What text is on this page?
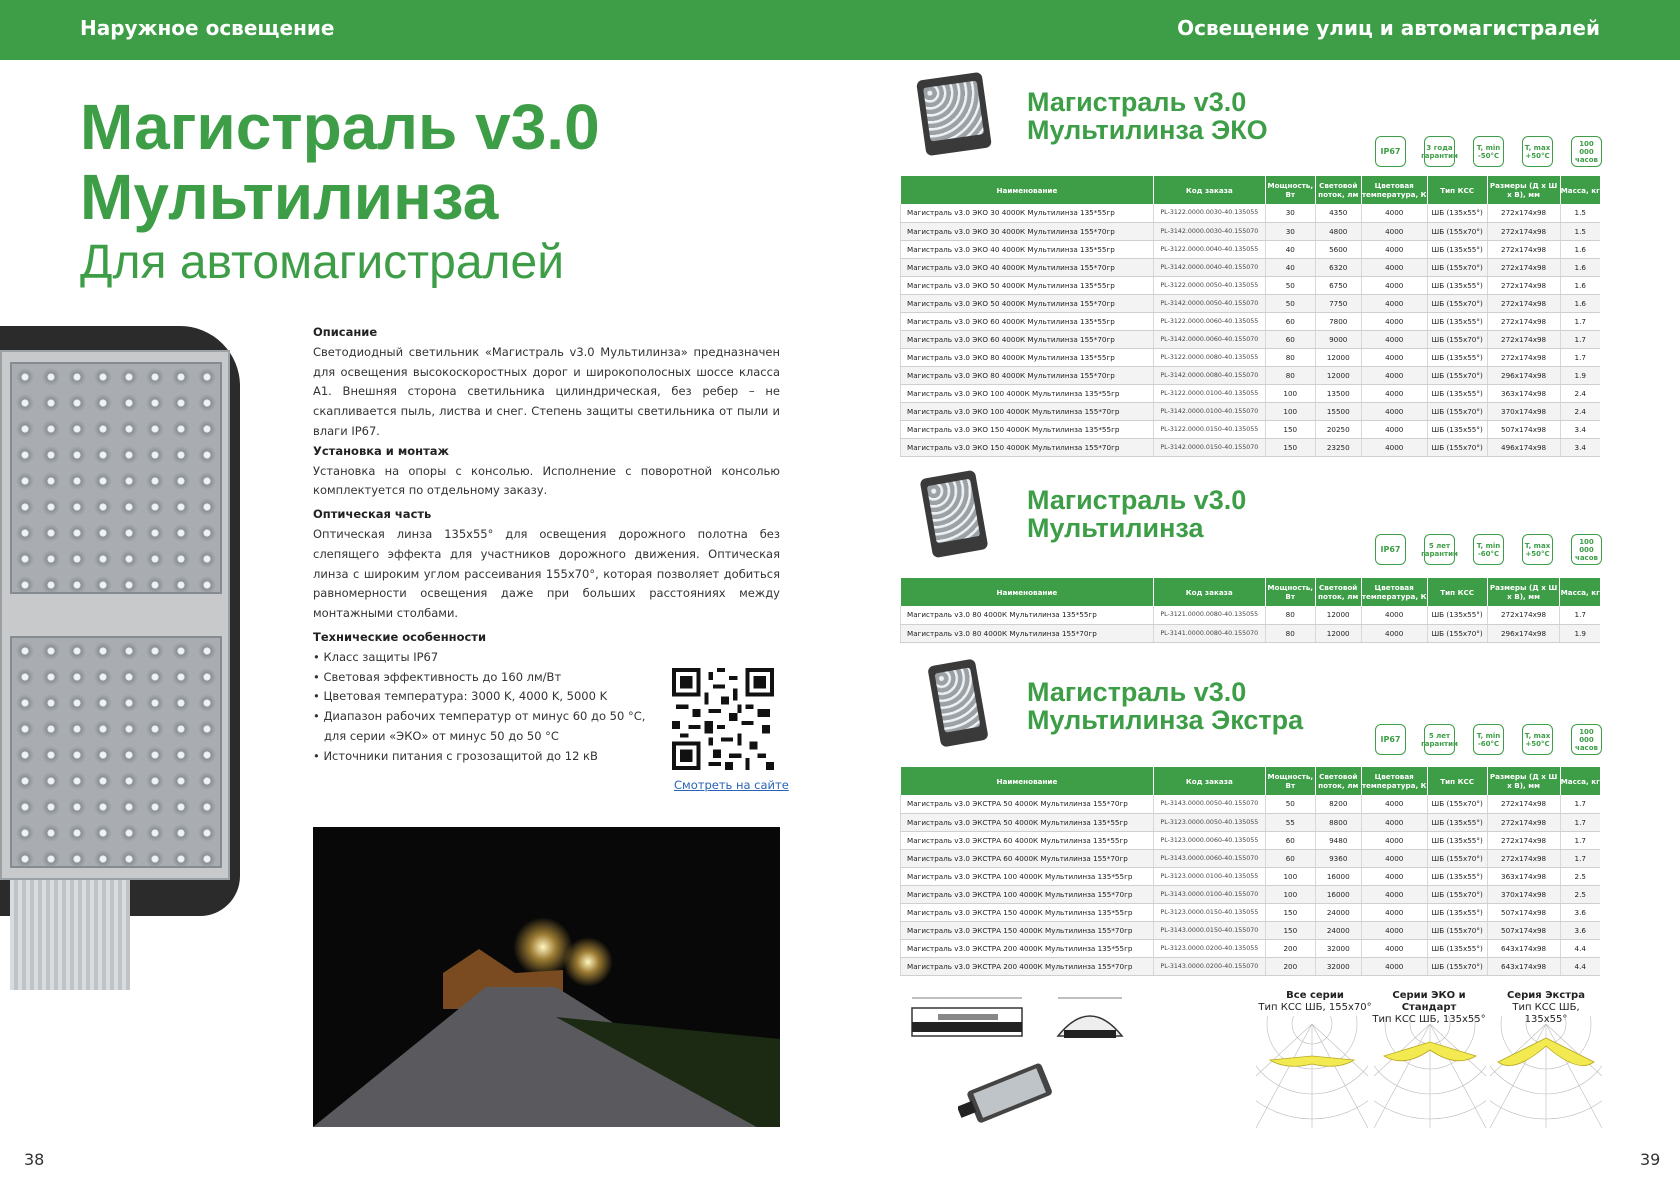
Наружное освещение	Освещение улиц и автомагистралей
Магистраль v3.0
Мультилинза
Для автомагистралей
Описание

Светодиодный светильник «Магистраль v3.0 Мультилинза» предназначен для освещения высокоскоростных дорог и широкополосных шоссе класса А1. Внешняя сторона светильника цилиндрическая, без ребер – не скапливается пыль, листва и снег. Степень защиты светильника от пыли и влаги IP67.

Установка и монтаж

Установка на опоры с консолью. Исполнение с поворотной консолью комплектуется по отдельному заказу.

Оптическая часть

Оптическая линза 135x55° для освещения дорожного полотна без слепящего эффекта для участников дорожного движения. Оптическая линза с широким углом рассеивания 155x70°, которая позволяет добиться равномерности освещения даже при больших расстояниях между монтажными столбами.

Технические особенности
• Класс защиты IP67
• Световая эффективность до 160 лм/Вт
• Цветовая температура: 3000 K, 4000 K, 5000 K
• Диапазон рабочих температур от минус 60 до 50 °С,
для серии «ЭКО» от минус 50 до 50 °С
• Источники питания с грозозащитой до 12 кВ
Смотреть на сайте
38	39
Магистраль v3.0
Мультилинза ЭКО
IP67	3 года гарантии
T, min -50°C
T, max +50°C
100 000 часов
Наименование	Код заказа	Мощность, Вт	Световой поток, лм	Цветовая температура, К	Тип КСС	Размеры (Д х Ш х В), мм	Масса, кг
Магистраль v3.0 ЭКО 30 4000К Мультилинза 135*55гр	PL-3122.0000.0030-40.135055	30	4350	4000	ШБ (135х55°)	272x174x98	1.5
Магистраль v3.0 ЭКО 30 4000К Мультилинза 155*70гр	PL-3142.0000.0030-40.155070	30	4800	4000	ШБ (155х70°)	272x174x98	1.5
Магистраль v3.0 ЭКО 40 4000К Мультилинза 135*55гр	PL-3122.0000.0040-40.135055	40	5600	4000	ШБ (135х55°)	272x174x98	1.6
Магистраль v3.0 ЭКО 40 4000К Мультилинза 155*70гр	PL-3142.0000.0040-40.155070	40	6320	4000	ШБ (155х70°)	272x174x98	1.6
Магистраль v3.0 ЭКО 50 4000К Мультилинза 135*55гр	PL-3122.0000.0050-40.135055	50	6750	4000	ШБ (135х55°)	272x174x98	1.6
Магистраль v3.0 ЭКО 50 4000К Мультилинза 155*70гр	PL-3142.0000.0050-40.155070	50	7750	4000	ШБ (155х70°)	272x174x98	1.6
Магистраль v3.0 ЭКО 60 4000К Мультилинза 135*55гр	PL-3122.0000.0060-40.135055	60	7800	4000	ШБ (135х55°)	272x174x98	1.7
Магистраль v3.0 ЭКО 60 4000К Мультилинза 155*70гр	PL-3142.0000.0060-40.155070	60	9000	4000	ШБ (155х70°)	272x174x98	1.7
Магистраль v3.0 ЭКО 80 4000К Мультилинза 135*55гр	PL-3122.0000.0080-40.135055	80	12000	4000	ШБ (135х55°)	272x174x98	1.7
Магистраль v3.0 ЭКО 80 4000К Мультилинза 155*70гр	PL-3142.0000.0080-40.155070	80	12000	4000	ШБ (155х70°)	296x174x98	1.9
Магистраль v3.0 ЭКО 100 4000К Мультилинза 135*55гр	PL-3122.0000.0100-40.135055	100	13500	4000	ШБ (135х55°)	363x174x98	2.4
Магистраль v3.0 ЭКО 100 4000К Мультилинза 155*70гр	PL-3142.0000.0100-40.155070	100	15500	4000	ШБ (155х70°)	370x174x98	2.4
Магистраль v3.0 ЭКО 150 4000К Мультилинза 135*55гр	PL-3122.0000.0150-40.135055	150	20250	4000	ШБ (135х55°)	507x174x98	3.4
Магистраль v3.0 ЭКО 150 4000К Мультилинза 155*70гр	PL-3142.0000.0150-40.155070	150	23250	4000	ШБ (155х70°)	496x174x98	3.4
Магистраль v3.0
Мультилинза
IP67	5 лет гарантии
T, min -60°C
T, max +50°C
100 000 часов
Наименование	Код заказа	Мощность, Вт	Световой поток, лм	Цветовая температура, К	Тип КСС	Размеры (Д х Ш х В), мм	Масса, кг
Магистраль v3.0 80 4000К Мультилинза 135*55гр	PL-3121.0000.0080-40.135055	80	12000	4000	ШБ (135х55°)	272x174x98	1.7
Магистраль v3.0 80 4000К Мультилинза 155*70гр	PL-3141.0000.0080-40.155070	80	12000	4000	ШБ (155х70°)	296x174x98	1.9
Магистраль v3.0
Мультилинза Экстра
IP67	5 лет гарантии
T, min -60°C
T, max +50°C
100 000 часов
Наименование	Код заказа	Мощность, Вт	Световой поток, лм	Цветовая температура, К	Тип КСС	Размеры (Д х Ш х В), мм	Масса, кг
Магистраль v3.0 ЭКСТРА 50 4000К Мультилинза 155*70гр	PL-3143.0000.0050-40.155070	50	8200	4000	ШБ (155х70°)	272x174x98	1.7
Магистраль v3.0 ЭКСТРА 50 4000К Мультилинза 135*55гр	PL-3123.0000.0050-40.135055	55	8800	4000	ШБ (135х55°)	272x174x98	1.7
Магистраль v3.0 ЭКСТРА 60 4000К Мультилинза 135*55гр	PL-3123.0000.0060-40.135055	60	9480	4000	ШБ (135х55°)	272x174x98	1.7
Магистраль v3.0 ЭКСТРА 60 4000К Мультилинза 155*70гр	PL-3143.0000.0060-40.155070	60	9360	4000	ШБ (155х70°)	272x174x98	1.7
Магистраль v3.0 ЭКСТРА 100 4000К Мультилинза 135*55гр	PL-3123.0000.0100-40.135055	100	16000	4000	ШБ (135х55°)	363x174x98	2.5
Магистраль v3.0 ЭКСТРА 100 4000К Мультилинза 155*70гр	PL-3143.0000.0100-40.155070	100	16000	4000	ШБ (155х70°)	370x174x98	2.5
Магистраль v3.0 ЭКСТРА 150 4000К Мультилинза 135*55гр	PL-3123.0000.0150-40.135055	150	24000	4000	ШБ (135х55°)	507x174x98	3.6
Магистраль v3.0 ЭКСТРА 150 4000К Мультилинза 155*70гр	PL-3143.0000.0150-40.155070	150	24000	4000	ШБ (155х70°)	507x174x98	3.6
Магистраль v3.0 ЭКСТРА 200 4000К Мультилинза 135*55гр	PL-3123.0000.0200-40.135055	200	32000	4000	ШБ (135х55°)	643x174x98	4.4
Магистраль v3.0 ЭКСТРА 200 4000К Мультилинза 155*70гр	PL-3143.0000.0200-40.155070	200	32000	4000	ШБ (155х70°)	643x174x98	4.4
Все серии
Тип КСС ШБ, 155x70°
Серии ЭКО и Стандарт
Тип КСС ШБ, 135x55°
Серия Экстра
Тип КСС ШБ, 135x55°
